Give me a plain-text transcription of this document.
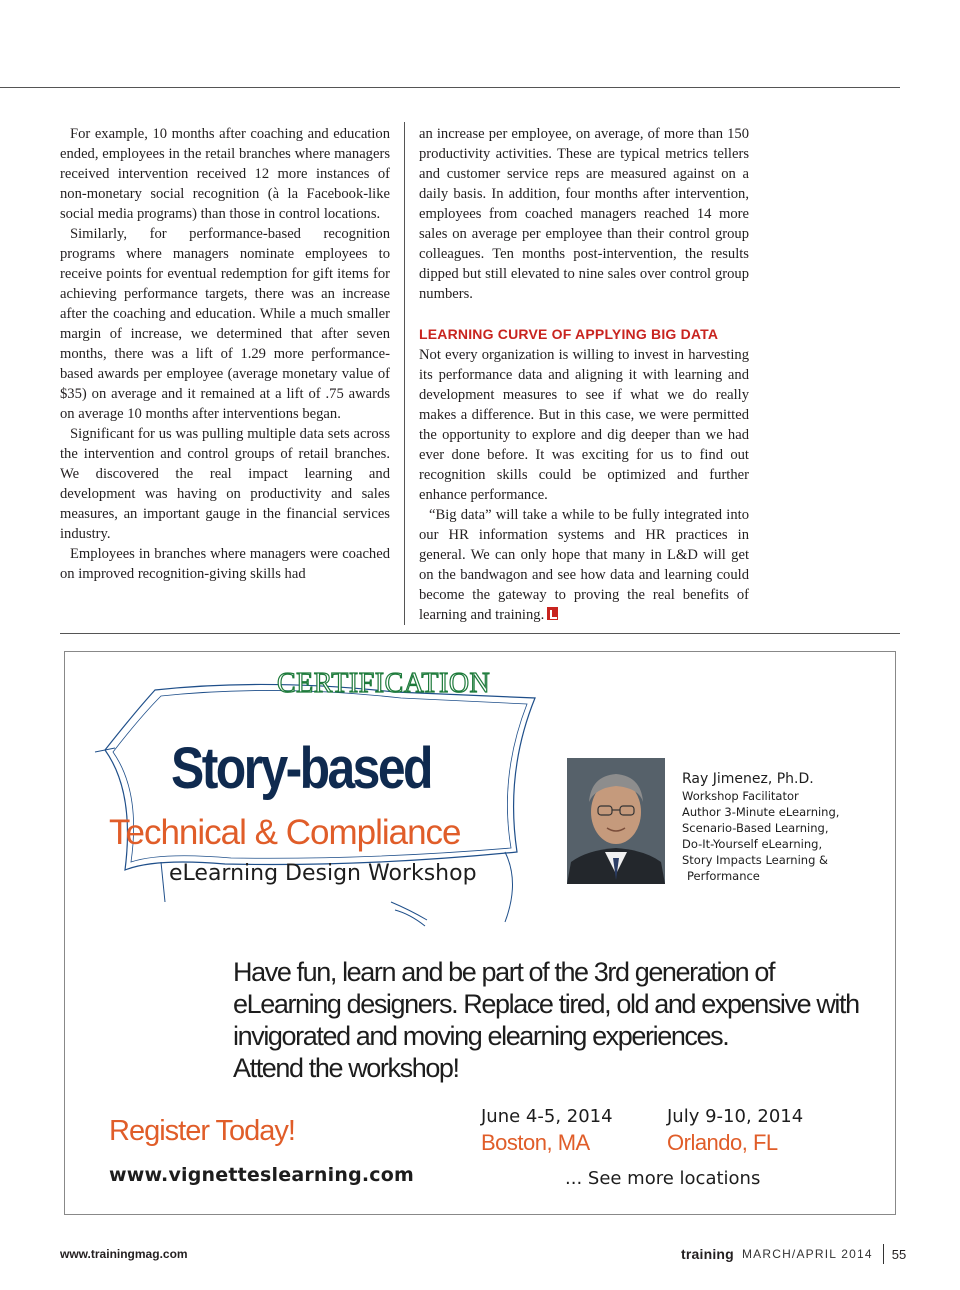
For example, 10 months after coaching and education ended, employees in the retail branches where managers received intervention received 12 more instances of non-monetary social recognition (à la Facebook-like social media programs) than those in control locations.

Similarly, for performance-based recognition programs where managers nominate employees to receive points for eventual redemption for gift items for achieving performance targets, there was an increase after the coaching and education. While a much smaller margin of increase, we determined that after seven months, there was a lift of 1.29 more performance-based awards per employee (average monetary value of $35) on average and it remained at a lift of .75 awards on average 10 months after interventions began.

Significant for us was pulling multiple data sets across the intervention and control groups of retail branches. We discovered the real impact learning and development was having on productivity and sales measures, an important gauge in the financial services industry.

Employees in branches where managers were coached on improved recognition-giving skills had

an increase per employee, on average, of more than 150 productivity activities. These are typical metrics tellers and customer service reps are measured against on a daily basis. In addition, four months after intervention, employees from coached managers reached 14 more sales on average per employee than their control group colleagues. Ten months post-intervention, the results dipped but still elevated to nine sales over control group numbers.

LEARNING CURVE OF APPLYING BIG DATA

Not every organization is willing to invest in harvesting its performance data and aligning it with learning and development measures to see if what we do really makes a difference. But in this case, we were permitted the opportunity to explore and dig deeper than we had ever done before. It was exciting for us to find out recognition skills could be optimized and further enhance performance.

“Big data” will take a while to be fully integrated into our HR information systems and HR practices in general. We can only hope that many in L&D will get on the bandwagon and see how data and learning could become the gateway to proving the real benefits of learning and training.

CERTIFICATION
Story-based
Technical & Compliance
eLearning Design Workshop
Ray Jimenez, Ph.D.
Workshop Facilitator
Author 3-Minute eLearning,
Scenario-Based Learning,
Do-It-Yourself eLearning,
Story Impacts Learning &
Performance
Have fun, learn and be part of the 3rd generation of
eLearning designers. Replace tired, old and expensive with
invigorated and moving elearning experiences.
Attend the workshop!
Register Today!
www.vignetteslearning.com
June 4-5, 2014
Boston, MA
July 9-10, 2014
Orlando, FL
... See more locations
www.trainingmag.com	training MARCH/APRIL 2014 55
